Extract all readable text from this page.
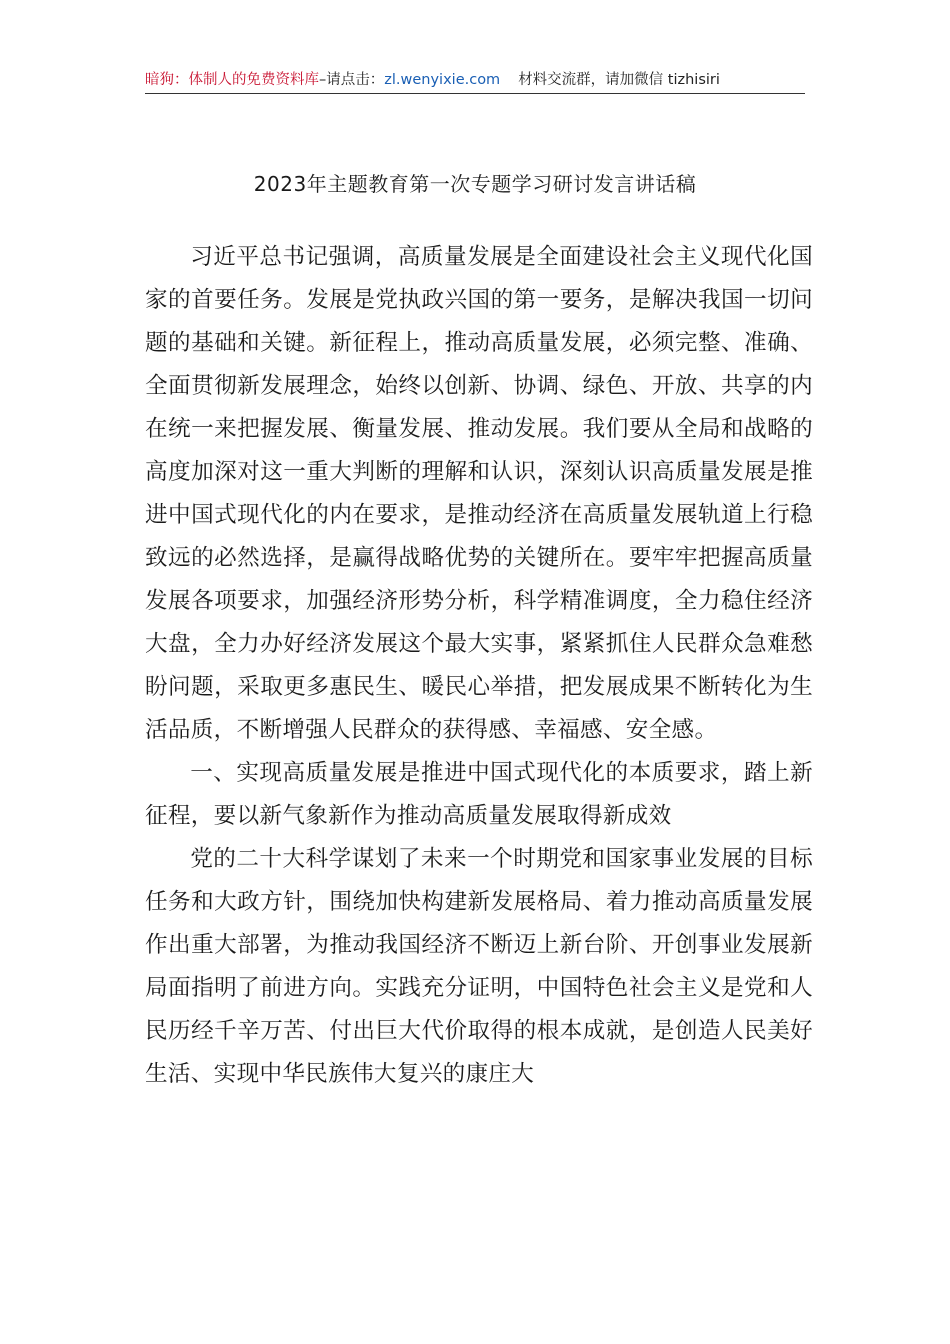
暗狗：体制人的免费资料库–请点击：zl.wenyixie.com 材料交流群，请加微信 tizhisiri
2023年主题教育第一次专题学习研讨发言讲话稿

习近平总书记强调，高质量发展是全面建设社会主义现代化国家的首要任务。发展是党执政兴国的第一要务，是解决我国一切问题的基础和关键。新征程上，推动高质量发展，必须完整、准确、全面贯彻新发展理念，始终以创新、协调、绿色、开放、共享的内在统一来把握发展、衡量发展、推动发展。我们要从全局和战略的高度加深对这一重大判断的理解和认识，深刻认识高质量发展是推进中国式现代化的内在要求，是推动经济在高质量发展轨道上行稳致远的必然选择，是赢得战略优势的关键所在。要牢牢把握高质量发展各项要求，加强经济形势分析，科学精准调度，全力稳住经济大盘，全力办好经济发展这个最大实事，紧紧抓住人民群众急难愁盼问题，采取更多惠民生、暖民心举措，把发展成果不断转化为生活品质，不断增强人民群众的获得感、幸福感、安全感。

一、实现高质量发展是推进中国式现代化的本质要求，踏上新征程，要以新气象新作为推动高质量发展取得新成效

党的二十大科学谋划了未来一个时期党和国家事业发展的目标任务和大政方针，围绕加快构建新发展格局、着力推动高质量发展作出重大部署，为推动我国经济不断迈上新台阶、开创事业发展新局面指明了前进方向。实践充分证明，中国特色社会主义是党和人民历经千辛万苦、付出巨大代价取得的根本成就，是创造人民美好生活、实现中华民族伟大复兴的康庄大
